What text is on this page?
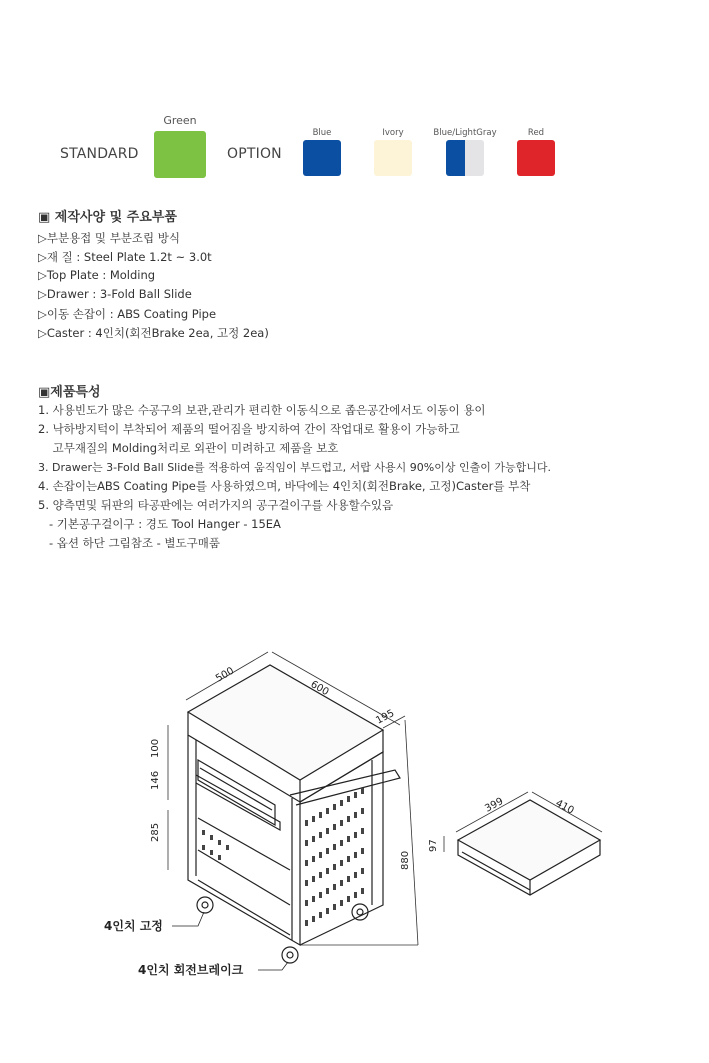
STANDARD
Green
OPTION
Blue	Ivory	Blue/LightGray	Red
▣ 제작사양 및 주요부품
▷부분용접 및 부분조립 방식
▷재 질 : Steel Plate 1.2t ~ 3.0t
▷Top Plate : Molding
▷Drawer : 3-Fold Ball Slide
▷이동 손잡이 : ABS Coating Pipe
▷Caster : 4인치(회전Brake 2ea, 고정 2ea)
▣제품특성
1. 사용빈도가 많은 수공구의 보관,관리가 편리한 이동식으로 좁은공간에서도 이동이 용이
2. 낙하방지턱이 부착되어 제품의 떨어짐을 방지하여 간이 작업대로 활용이 가능하고
고무재질의 Molding처리로 외관이 미려하고 제품을 보호
3. Drawer는 3-Fold Ball Slide를 적용하여 움직임이 부드럽고, 서랍 사용시 90%이상 인출이 가능합니다.
4. 손잡이는ABS Coating Pipe를 사용하였으며, 바닥에는 4인치(회전Brake, 고정)Caster를 부착
5. 양측면및 뒤판의 타공판에는 여러가지의 공구걸이구를 사용할수있음
- 기본공구걸이구 : 경도 Tool Hanger - 15EA
- 옵션 하단 그림참조 - 별도구매품
500
600
195
100
146
285
880
399	410
97
4인치 고정
4인치 회전브레이크
